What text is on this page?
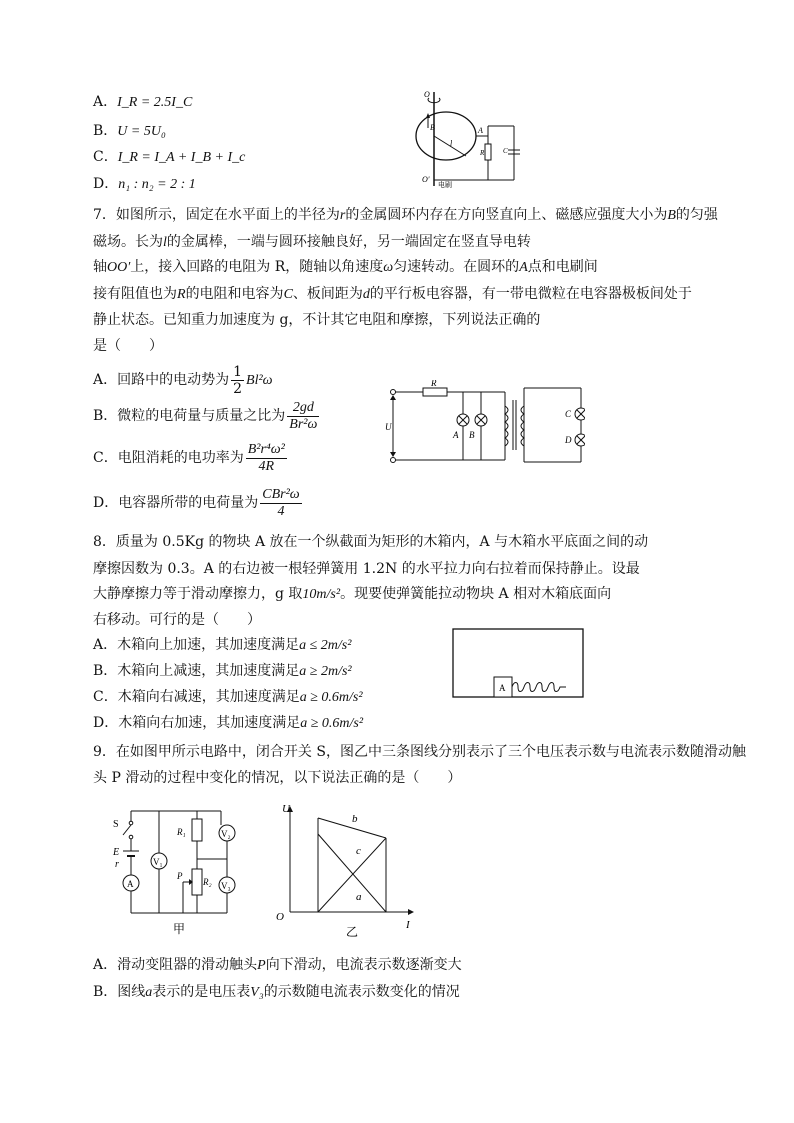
A．I_R = 2.5I_C
B．U = 5U₀
C．I_R = I_A + I_B + I_c
D．n₁ : n₂ = 2 : 1
O
O'
B	A
l
R	C
电刷
7．如图所示，固定在水平面上的半径为r的金属圆环内存在方向竖直向上、磁感应强度大小为B的匀强
磁场。长为l的金属棒，一端与圆环接触良好，另一端固定在竖直导电转
轴OO′上，接入回路的电阻为 R，随轴以角速度ω匀速转动。在圆环的A点和电刷间
接有阻值也为R的电阻和电容为C、板间距为d的平行板电容器，有一带电微粒在电容器极板间处于
静止状态。已知重力加速度为 g，不计其它电阻和摩擦，下列说法正确的
是（　　）
A．回路中的电动势为 $\frac{1}{2} Bl^2\omega$
B．微粒的电荷量与质量之比为 $\frac{2gd}{\text{Br²ω}}$
C．电阻消耗的电功率为 $\frac{\text{B²r⁴ω²}}{4R}$
D．电容器所带的电荷量为 $\frac{\text{CBr²ω}}{4}$
R
U
A B
C
D
8．质量为 0.5Kg 的物块 A 放在一个纵截面为矩形的木箱内，A 与木箱水平底面之间的动
摩擦因数为 0.3。A 的右边被一根轻弹簧用 1.2N 的水平拉力向右拉着而保持静止。设最
大静摩擦力等于滑动摩擦力，g 取10m/s²。现要使弹簧能拉动物块 A 相对木箱底面向
右移动。可行的是（　　）
A．木箱向上加速，其加速度满足a ≤ 2m/s²
B．木箱向上减速，其加速度满足a ≥ 2m/s²
C．木箱向右减速，其加速度满足a ≥ 0.6m/s²
D．木箱向右加速，其加速度满足a ≥ 0.6m/s²
A
9．在如图甲所示电路中，闭合开关 S，图乙中三条图线分别表示了三个电压表示数与电流表示数随滑动触
头 P 滑动的过程中变化的情况，以下说法正确的是（　　）
S
E
r	V₁
A
R₁	V₂
P
R₂ V₃
甲
U
b
c
a
O
I
乙
A．滑动变阻器的滑动触头P向下滑动，电流表示数逐渐变大
B．图线a表示的是电压表V₃的示数随电流表示数变化的情况
